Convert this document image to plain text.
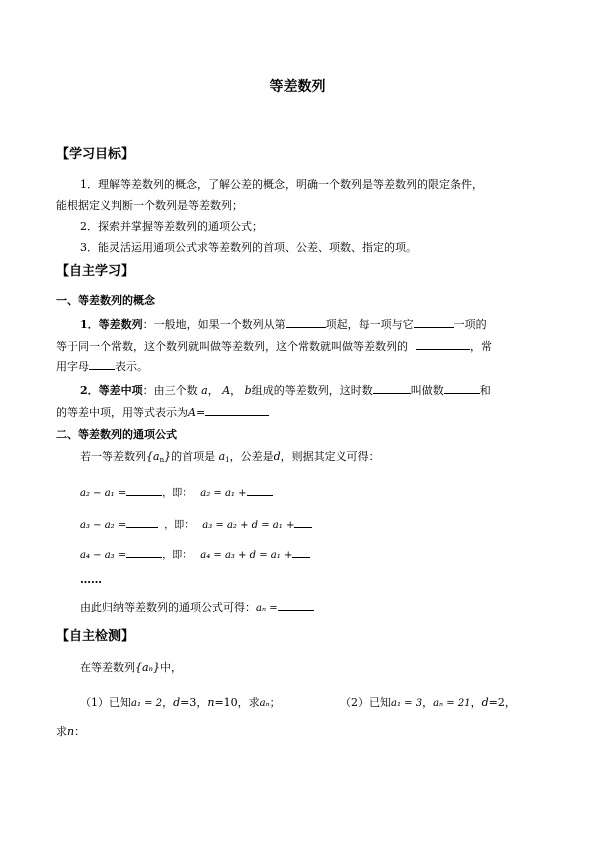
等差数列
【学习目标】
1．理解等差数列的概念，了解公差的概念，明确一个数列是等差数列的限定条件，
能根据定义判断一个数列是等差数列；
2．探索并掌握等差数列的通项公式；
3．能灵活运用通项公式求等差数列的首项、公差、项数、指定的项。
【自主学习】
一、等差数列的概念
1．等差数列：一般地，如果一个数列从第	项起，每一项与它	一项的
等于同一个常数，这个数列就叫做等差数列，这个常数就叫做等差数列的	，常
用字母 表示。
2．等差中项：由三个数 a， A， b组成的等差数列，这时数	叫做数	和
的等差中项，用等式表示为A=
二、等差数列的通项公式
若一等差数列{an}的首项是 a1，公差是d，则据其定义可得：
a₂ − a₁ =	，即： a₂ = a₁ +
a₃ − a₂ =	，即： a₃ = a₂ + d = a₁ +
a₄ − a₃ =	，即： a₄ = a₃ + d = a₁ +
……
由此归纳等差数列的通项公式可得：aₙ =
【自主检测】
在等差数列{aₙ}中，
（1）已知a₁ = 2，d=3，n=10，求aₙ；	（2）已知a₁ = 3，aₙ = 21，d=2，
求n：
